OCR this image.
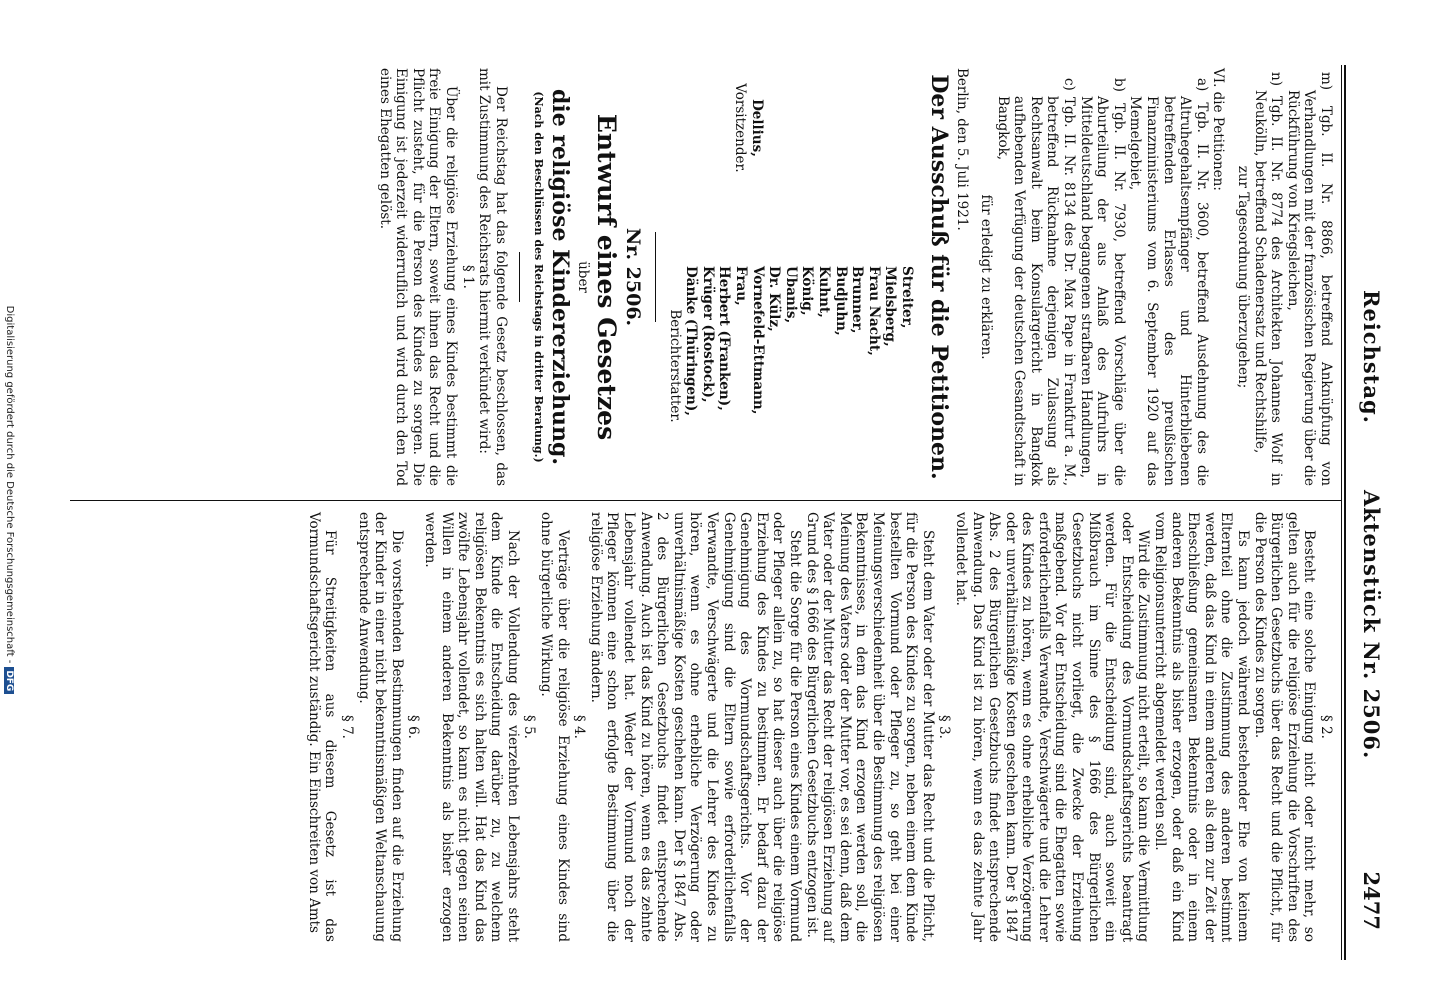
Reichstag.
Aktenstück Nr. 2506.
2477

m) Tgb. II. Nr. 8866, betreffend Anknüpfung von Verhandlungen mit der französischen Regierung über die Rückführung von Kriegsleichen,

n) Tgb. II. Nr. 8774 des Architekten Johannes Wolf in Neukölln, betreffend Schadenersatz und Rechtshilfe,

zur Tagesordnung überzugehen;

VI. die Petitionen:

a) Tgb. II. Nr. 3600, betreffend Ausdehnung des die Altruhegehaltsempfänger und Hinterbliebenen betreffenden Erlasses des preußischen Finanzministeriums vom 6. September 1920 auf das Memelgebiet,

b) Tgb. II. Nr. 7930, betreffend Vorschläge über die Aburteilung der aus Anlaß des Aufruhrs in Mitteldeutschland begangenen strafbaren Handlungen,

c) Tgb. II. Nr. 8134 des Dr. Max Pape in Frankfurt a. M., betreffend Rücknahme derjenigen Zulassung als Rechtsanwalt beim Konsulargericht in Bangkok aufhebenden Verfügung der deutschen Gesandtschaft in Bangkok,

für erledigt zu erklären.

Berlin, den 5. Juli 1921.

Der Ausschuß für die Petitionen.

Dellius,

Vorsitzender.

Streiter,

Mielsberg,

Frau Nacht,

Brunner,

Budjuhn,

Kuhnt,

König,

Ubanis,

Dr. Külz,

Vornefeld-Ettmann,

Frau,

Herbert (Franken),

Krüger (Rostock),

Dänke (Thüringen),

Berichterstatter.

Nr. 2506.

Entwurf eines Gesetzes

über

die religiöse Kindererziehung.

(Nach den Beschlüssen des Reichstags in dritter Beratung.)

Der Reichstag hat das folgende Gesetz beschlossen, das mit Zustimmung des Reichsrats hiermit verkündet wird:

§ 1.

Über die religiöse Erziehung eines Kindes bestimmt die freie Einigung der Eltern, soweit ihnen das Recht und die Pflicht zusteht, für die Person des Kindes zu sorgen. Die Einigung ist jederzeit widerruflich und wird durch den Tod eines Ehegatten gelöst.

§ 2.

Besteht eine solche Einigung nicht oder nicht mehr, so gelten auch für die religiöse Erziehung die Vorschriften des Bürgerlichen Gesetzbuchs über das Recht und die Pflicht, für die Person des Kindes zu sorgen.

Es kann jedoch während bestehender Ehe von keinem Elternteil ohne die Zustimmung des anderen bestimmt werden, daß das Kind in einem anderen als dem zur Zeit der Eheschließung gemeinsamen Bekenntnis oder in einem anderen Bekenntnis als bisher erzogen, oder daß ein Kind vom Religionsunterricht abgemeldet werden soll.

Wird die Zustimmung nicht erteilt, so kann die Vermittlung oder Entscheidung des Vormundschaftsgerichts beantragt werden. Für die Entscheidung sind, auch soweit ein Mißbrauch im Sinne des § 1666 des Bürgerlichen Gesetzbuchs nicht vorliegt, die Zwecke der Erziehung maßgebend. Vor der Entscheidung sind die Ehegatten sowie erforderlichenfalls Verwandte, Verschwägerte und die Lehrer des Kindes zu hören, wenn es ohne erhebliche Verzögerung oder unverhältnismäßige Kosten geschehen kann. Der § 1847 Abs. 2 des Bürgerlichen Gesetzbuchs findet entsprechende Anwendung. Das Kind ist zu hören, wenn es das zehnte Jahr vollendet hat.

§ 3.

Steht dem Vater oder der Mutter das Recht und die Pflicht, für die Person des Kindes zu sorgen, neben einem dem Kinde bestellten Vormund oder Pfleger zu, so geht bei einer Meinungsverschiedenheit über die Bestimmung des religiösen Bekenntnisses, in dem das Kind erzogen werden soll, die Meinung des Vaters oder der Mutter vor, es sei denn, daß dem Vater oder der Mutter das Recht der religiösen Erziehung auf Grund des § 1666 des Bürgerlichen Gesetzbuchs entzogen ist.

Steht die Sorge für die Person eines Kindes einem Vormund oder Pfleger allein zu, so hat dieser auch über die religiöse Erziehung des Kindes zu bestimmen. Er bedarf dazu der Genehmigung des Vormundschaftsgerichts. Vor der Genehmigung sind die Eltern sowie erforderlichenfalls Verwandte, Verschwägerte und die Lehrer des Kindes zu hören, wenn es ohne erhebliche Verzögerung oder unverhältnismäßige Kosten geschehen kann. Der § 1847 Abs. 2 des Bürgerlichen Gesetzbuchs findet entsprechende Anwendung. Auch ist das Kind zu hören, wenn es das zehnte Lebensjahr vollendet hat. Weder der Vormund noch der Pfleger können eine schon erfolgte Bestimmung über die religiöse Erziehung ändern.

§ 4.

Verträge über die religiöse Erziehung eines Kindes sind ohne bürgerliche Wirkung.

§ 5.

Nach der Vollendung des vierzehnten Lebensjahrs steht dem Kinde die Entscheidung darüber zu, zu welchem religiösen Bekenntnis es sich halten will. Hat das Kind das zwölfte Lebensjahr vollendet, so kann es nicht gegen seinen Willen in einem anderen Bekenntnis als bisher erzogen werden.

§ 6.

Die vorstehenden Bestimmungen finden auf die Erziehung der Kinder in einer nicht bekenntnismäßigen Weltanschauung entsprechende Anwendung.

§ 7.

Für Streitigkeiten aus diesem Gesetz ist das Vormundschaftsgericht zuständig. Ein Einschreiten von Amts

Digitalisierung gefördert durch die Deutsche Forschungsgemeinschaft -DFG
